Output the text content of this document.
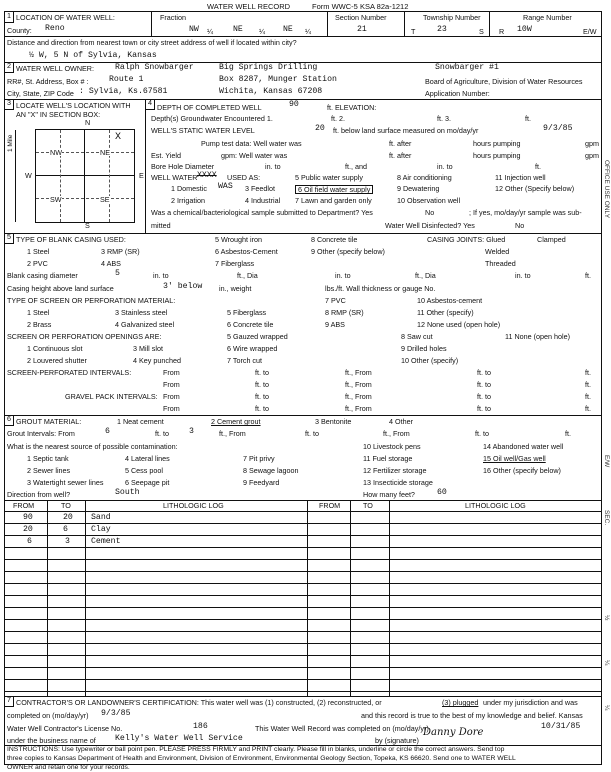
WATER WELL RECORD	Form WWC-5 KSA 82a-1212
1 LOCATION OF WATER WELL:
County: Reno
Fraction
NW ¼ NE ¼ NE ¼
Section Number
21
Township Number
T	23	S
Range Number
R 10W	E/W
Distance and direction from nearest town or city street address of well if located within city?
½ W, 5 N of Sylvia, Kansas
2 WATER WELL OWNER:	Ralph Snowbarger	Big Springs Drilling	Snowbarger #1
RR#, St. Address, Box # :	Route 1	Box 8287, Munger Station	Board of Agriculture, Division of Water Resources
City, State, ZIP Code : Sylvia, Ks.67581	Wichita, Kansas 67208	Application Number:
3 LOCATE WELL'S LOCATION WITH
AN "X" IN SECTION BOX:
N
S
W	E
1 Mile
NW	NE
SW	SE
X
4
DEPTH OF COMPLETED WELL	90	ft. ELEVATION:
Depth(s) Groundwater Encountered 1.	ft. 2.	ft. 3.	ft.
WELL'S STATIC WATER LEVEL	20 ft. below land surface measured on mo/day/yr	9/3/85
Pump test data: Well water was	ft. after	hours pumping	gpm
Est. Yield	gpm: Well water was	ft. after	hours pumping	gpm
Bore Hole Diameter	in. to	ft., and	in. to	ft.
WELL WATER XXXX USED AS:	5 Public water supply	8 Air conditioning	11 Injection well
1 Domestic WAS 3 Feedlot	6 Oil field water supply	9 Dewatering	12 Other (Specify below)
2 Irrigation	4 Industrial 7 Lawn and garden only	10 Observation well
Was a chemical/bacteriological sample submitted to Department? Yes	No	; If yes, mo/day/yr sample was sub-
mitted	Water Well Disinfected? Yes	No
5 TYPE OF BLANK CASING USED:
1 Steel	3 RMP (SR)
5 Wrought iron	8 Concrete tile
2 PVC	4 ABS
6 Asbestos-Cement	9 Other (specify below)
7 Fiberglass
CASING JOINTS: Glued	Clamped
Welded
Threaded
Blank casing diameter	5	in. to	ft., Dia	in. to	ft., Dia	in. to	ft.
Casing height above land surface	3' below in., weight	lbs./ft. Wall thickness or gauge No.
TYPE OF SCREEN OR PERFORATION MATERIAL:	7 PVC	10 Asbestos-cement
1 Steel	3 Stainless steel	5 Fiberglass	8 RMP (SR)	11 Other (specify)
2 Brass	4 Galvanized steel	6 Concrete tile	9 ABS	12 None used (open hole)
SCREEN OR PERFORATION OPENINGS ARE:	5 Gauzed wrapped	8 Saw cut	11 None (open hole)
1 Continuous slot	3 Mill slot	6 Wire wrapped	9 Drilled holes
2 Louvered shutter	4 Key punched	7 Torch cut	10 Other (specify)
SCREEN-PERFORATED INTERVALS:	From	ft. to	ft., From	ft. to	ft.
From	ft. to	ft., From	ft. to	ft.
GRAVEL PACK INTERVALS: From	ft. to	ft., From	ft. to	ft.
From	ft. to	ft., From	ft. to	ft.
6 GROUT MATERIAL:	1 Neat cement	2 Cement grout	3 Bentonite	4 Other
Grout Intervals: From	6	ft. to 3	ft., From	ft. to	ft., From	ft. to	ft.
What is the nearest source of possible contamination:	10 Livestock pens	14 Abandoned water well
1 Septic tank	4 Lateral lines	7 Pit privy	11 Fuel storage	15 Oil well/Gas well
2 Sewer lines	5 Cess pool	8 Sewage lagoon	12 Fertilizer storage	16 Other (specify below)
3 Watertight sewer lines	6 Seepage pit	9 Feedyard	13 Insecticide storage
Direction from well?	South	How many feet?	60
FROM	TO	LITHOLOGIC LOG	FROM	TO	LITHOLOGIC LOG
90	20 Sand
20	6	Clay
6	3	Cement
7 CONTRACTOR'S OR LANDOWNER'S CERTIFICATION: This water well was (1) constructed, (2) reconstructed, or	(3) plugged under my jurisdiction and was
completed on (mo/day/yr) 9/3/85	and this record is true to the best of my knowledge and belief. Kansas
Water Well Contractor's License No.	186	This Water Well Record was completed on (mo/day/yr)	10/31/85
under the business name of Kelly's Water Well Service	by (signature)
Danny Dore
INSTRUCTIONS: Use typewriter or ball point pen. PLEASE PRESS FIRMLY and PRINT clearly. Please fill in blanks, underline or circle the correct answers. Send top
three copies to Kansas Department of Health and Environment, Division of Environment, Environmental Geology Section, Topeka, KS 66620. Send one to WATER WELL
OWNER and retain one for your records.
OFFICE USE ONLY
E/W
SEC.
½
¼
¼
